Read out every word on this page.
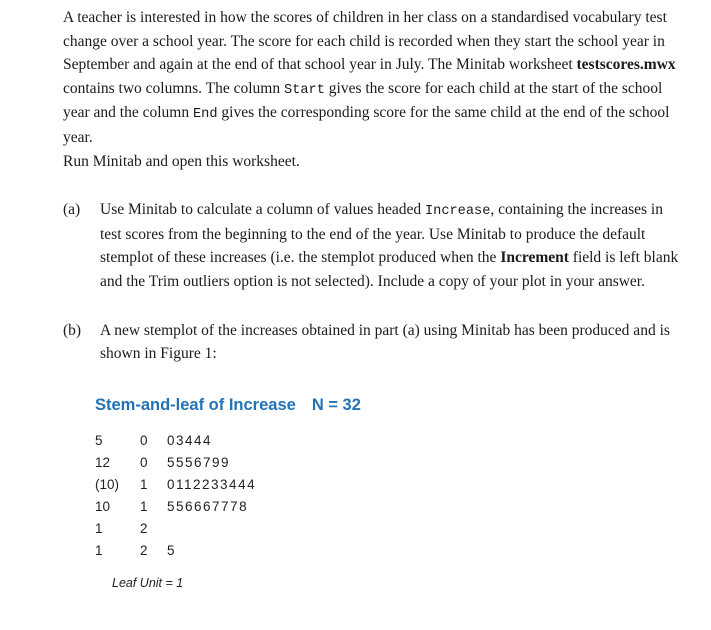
A teacher is interested in how the scores of children in her class on a standardised vocabulary test change over a school year. The score for each child is recorded when they start the school year in September and again at the end of that school year in July. The Minitab worksheet testscores.mwx contains two columns. The column Start gives the score for each child at the start of the school year and the column End gives the corresponding score for the same child at the end of the school year.

Run Minitab and open this worksheet.

(a)	Use Minitab to calculate a column of values headed Increase, containing the increases in test scores from the beginning to the end of the year. Use Minitab to produce the default stemplot of these increases (i.e. the stemplot produced when the Increment field is left blank and the Trim outliers option is not selected). Include a copy of your plot in your answer.
(b)	A new stemplot of the increases obtained in part (a) using Minitab has been produced and is shown in Figure 1:
Stem-and-leaf of Increase N = 32
5	0	03444
12	0	5556799
(10)	1	0112233444
10	1	556667778
1	2
1	2	5
Leaf Unit = 1
